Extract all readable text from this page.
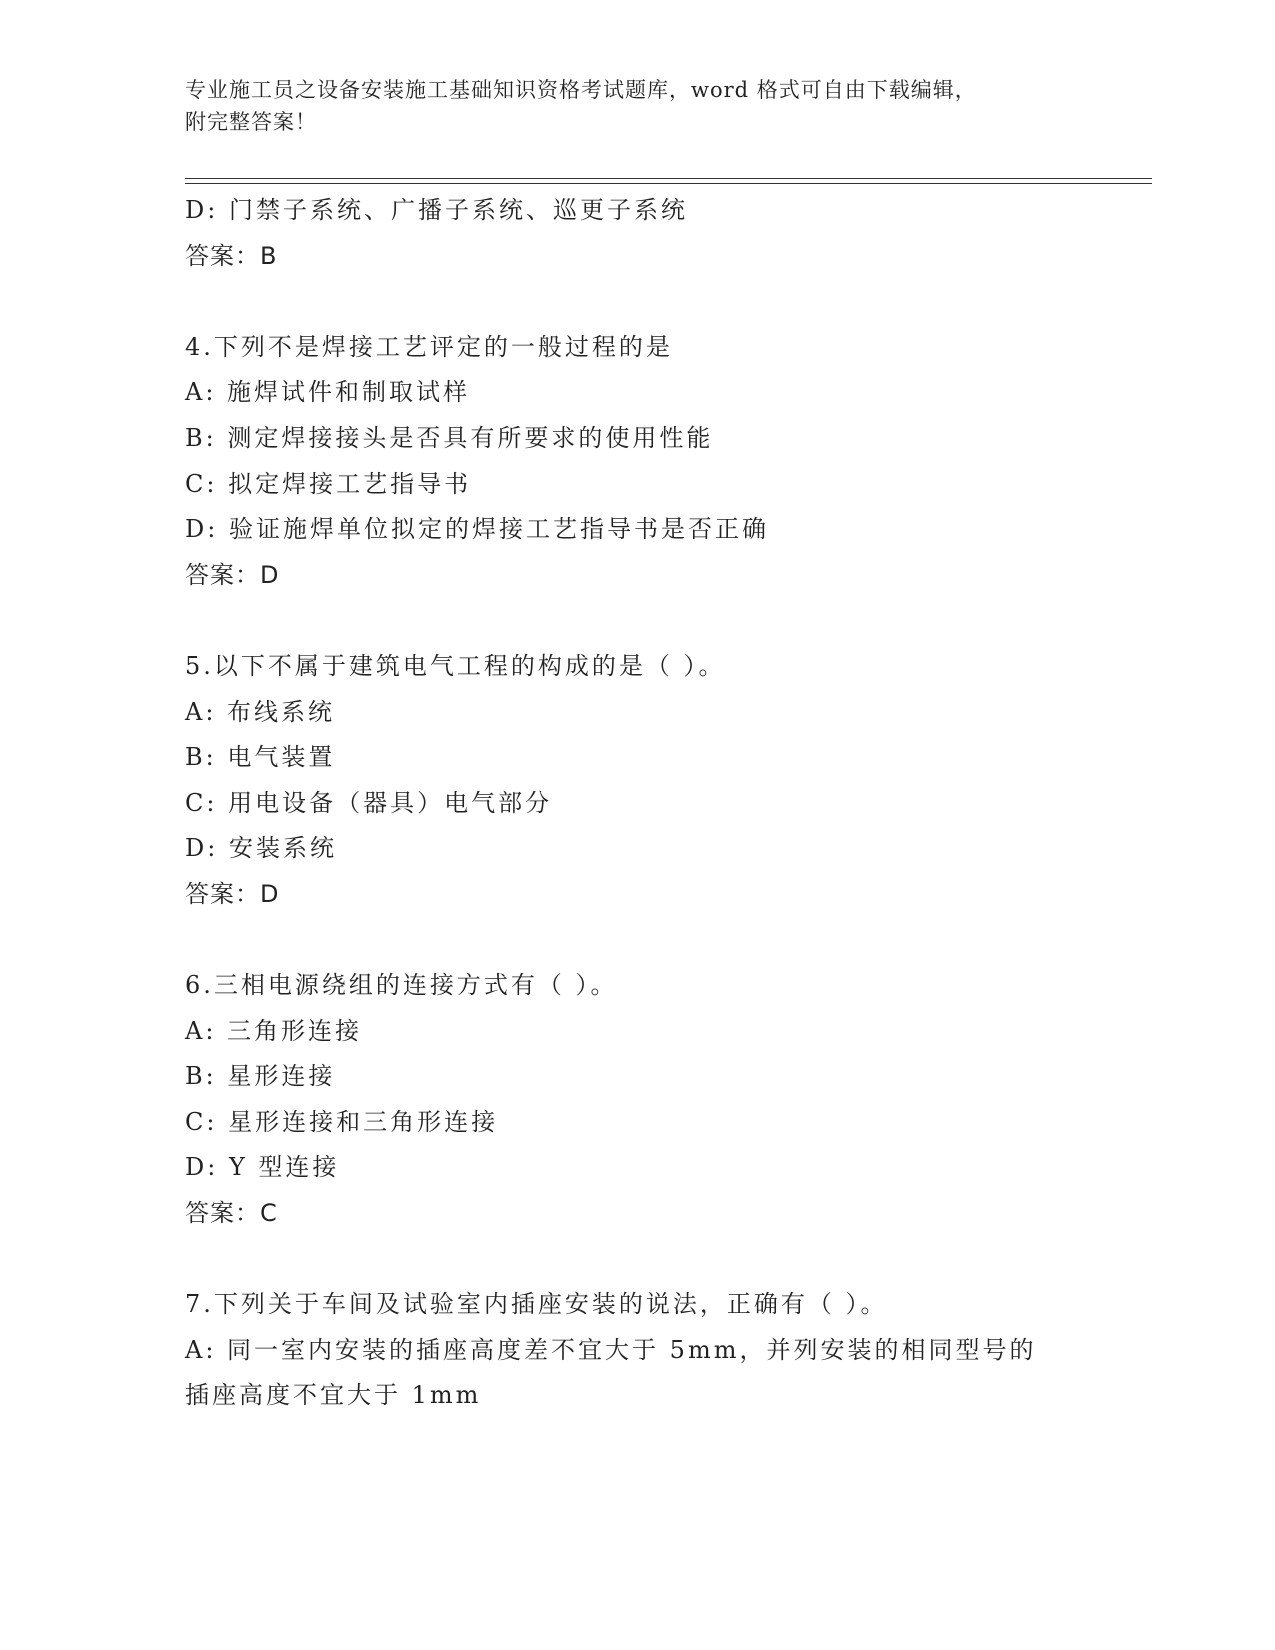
专业施工员之设备安装施工基础知识资格考试题库，word 格式可自由下载编辑，
附完整答案！
D: 门禁子系统、广播子系统、巡更子系统
答案：B
4.下列不是焊接工艺评定的一般过程的是
A: 施焊试件和制取试样
B: 测定焊接接头是否具有所要求的使用性能
C: 拟定焊接工艺指导书
D: 验证施焊单位拟定的焊接工艺指导书是否正确
答案：D
5.以下不属于建筑电气工程的构成的是（ ）。
A: 布线系统
B: 电气装置
C: 用电设备（器具）电气部分
D: 安装系统
答案：D
6.三相电源绕组的连接方式有（ ）。
A: 三角形连接
B: 星形连接
C: 星形连接和三角形连接
D: Y 型连接
答案：C
7.下列关于车间及试验室内插座安装的说法，正确有（ ）。
A: 同一室内安装的插座高度差不宜大于 5mm，并列安装的相同型号的
插座高度不宜大于 1mm
